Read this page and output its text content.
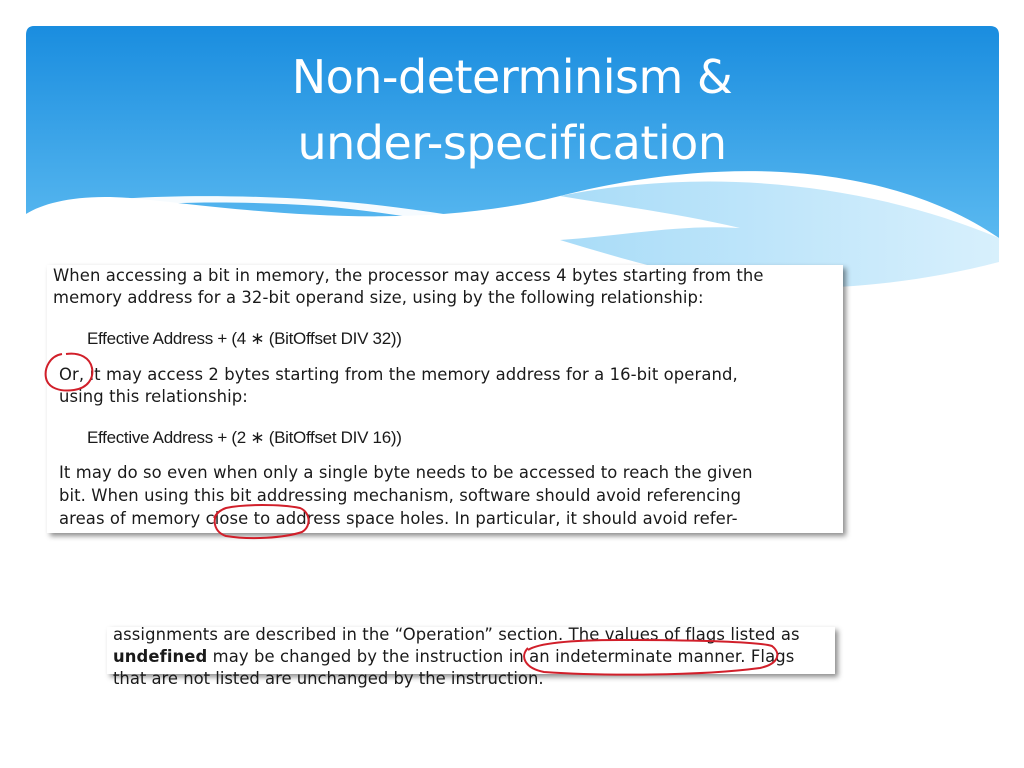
Non-determinism &
under-specification
When accessing a bit in memory, the processor may access 4 bytes starting from the
memory address for a 32-bit operand size, using by the following relationship:
Effective Address + (4 ∗ (BitOffset DIV 32))
Or, it may access 2 bytes starting from the memory address for a 16-bit operand,
using this relationship:
Effective Address + (2 ∗ (BitOffset DIV 16))
It may do so even when only a single byte needs to be accessed to reach the given
bit. When using this bit addressing mechanism, software should avoid referencing
areas of memory close to address space holes. In particular, it should avoid refer-
assignments are described in the “Operation” section. The values of flags listed as
undefined may be changed by the instruction in an indeterminate manner. Flags
that are not listed are unchanged by the instruction.
